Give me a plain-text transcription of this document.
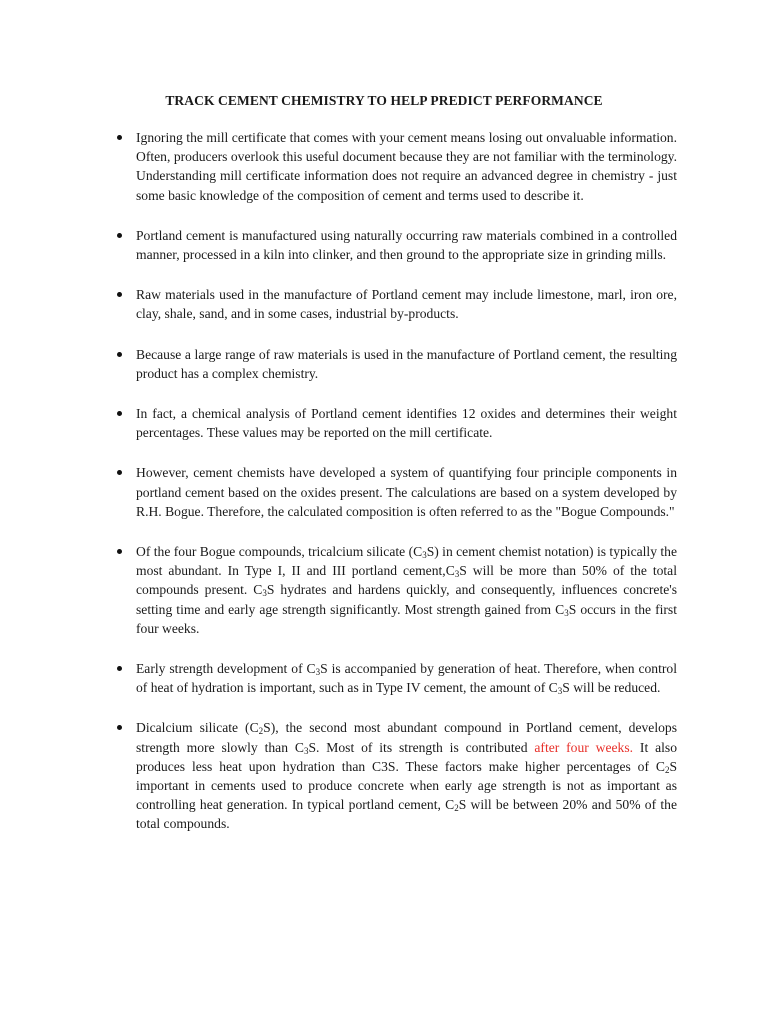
TRACK CEMENT CHEMISTRY TO HELP PREDICT PERFORMANCE
Ignoring the mill certificate that comes with your cement means losing out onvaluable information. Often, producers overlook this useful document because they are not familiar with the terminology. Understanding mill certificate information does not require an advanced degree in chemistry - just some basic knowledge of the composition of cement and terms used to describe it.
Portland cement is manufactured using naturally occurring raw materials combined in a controlled manner, processed in a kiln into clinker, and then ground to the appropriate size in grinding mills.
Raw materials used in the manufacture of Portland cement may include limestone, marl, iron ore, clay, shale, sand, and in some cases, industrial by-products.
Because a large range of raw materials is used in the manufacture of Portland cement, the resulting product has a complex chemistry.
In fact, a chemical analysis of Portland cement identifies 12 oxides and determines their weight percentages. These values may be reported on the mill certificate.
However, cement chemists have developed a system of quantifying four principle components in portland cement based on the oxides present. The calculations are based on a system developed by R.H. Bogue. Therefore, the calculated composition is often referred to as the "Bogue Compounds."
Of the four Bogue compounds, tricalcium silicate $(C_3S)$ in cement chemist notation) is typically the most abundant. In Type I, II and III portland $cement,C_3S$ will be more than 50% of the total compounds present. $C_3S$ hydrates and hardens quickly, and consequently, influences concrete's setting time and early age strength significantly. Most strength gained from $C_3S$ occurs in the first four weeks.
Early strength development of $C_3S$ is accompanied by generation of heat. Therefore, when control of heat of hydration is important, such as in Type IV cement, the amount of $C_3S$ will be reduced.
Dicalcium silicate $(C_2S)$, the second most abundant compound in Portland cement, develops strength more slowly than $C_3S$. Most of its strength is contributed after four weeks. It also produces less heat upon hydration than C3S. These factors make higher percentages of $C_2S$ important in cements used to produce concrete when early age strength is not as important as controlling heat generation. In typical portland cement, $C_2S$ will be between 20% and 50% of the total compounds.
